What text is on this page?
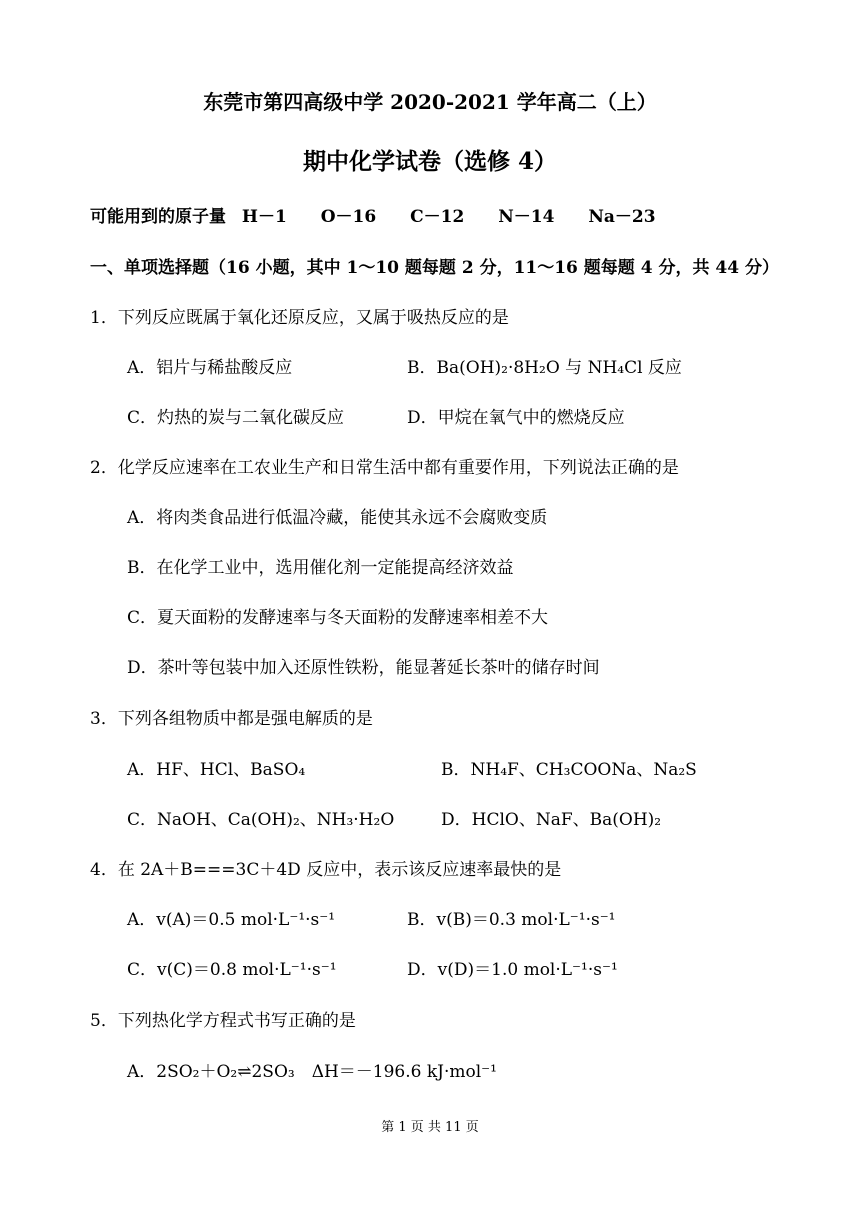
东莞市第四高级中学 2020-2021 学年高二（上）
期中化学试卷（选修 4）
可能用到的原子量 H－1 O－16 C－12 N－14 Na－23
一、单项选择题（16 小题，其中 1～10 题每题 2 分，11～16 题每题 4 分，共 44 分）
1．下列反应既属于氧化还原反应，又属于吸热反应的是
A．铝片与稀盐酸反应	B．Ba(OH)₂·8H₂O 与 NH₄Cl 反应
C．灼热的炭与二氧化碳反应	D．甲烷在氧气中的燃烧反应
2．化学反应速率在工农业生产和日常生活中都有重要作用，下列说法正确的是
A．将肉类食品进行低温冷藏，能使其永远不会腐败变质
B．在化学工业中，选用催化剂一定能提高经济效益
C．夏天面粉的发酵速率与冬天面粉的发酵速率相差不大
D．茶叶等包装中加入还原性铁粉，能显著延长茶叶的储存时间
3．下列各组物质中都是强电解质的是
A．HF、HCl、BaSO₄	B．NH₄F、CH₃COONa、Na₂S
C．NaOH、Ca(OH)₂、NH₃·H₂O	D．HClO、NaF、Ba(OH)₂
4．在 2A＋B===3C＋4D 反应中，表示该反应速率最快的是
A．v(A)＝0.5 mol·L⁻¹·s⁻¹	B．v(B)＝0.3 mol·L⁻¹·s⁻¹
C．v(C)＝0.8 mol·L⁻¹·s⁻¹	D．v(D)＝1.0 mol·L⁻¹·s⁻¹
5．下列热化学方程式书写正确的是
A．2SO₂＋O₂⇌2SO₃　ΔH＝－196.6 kJ·mol⁻¹
第 1 页 共 11 页
